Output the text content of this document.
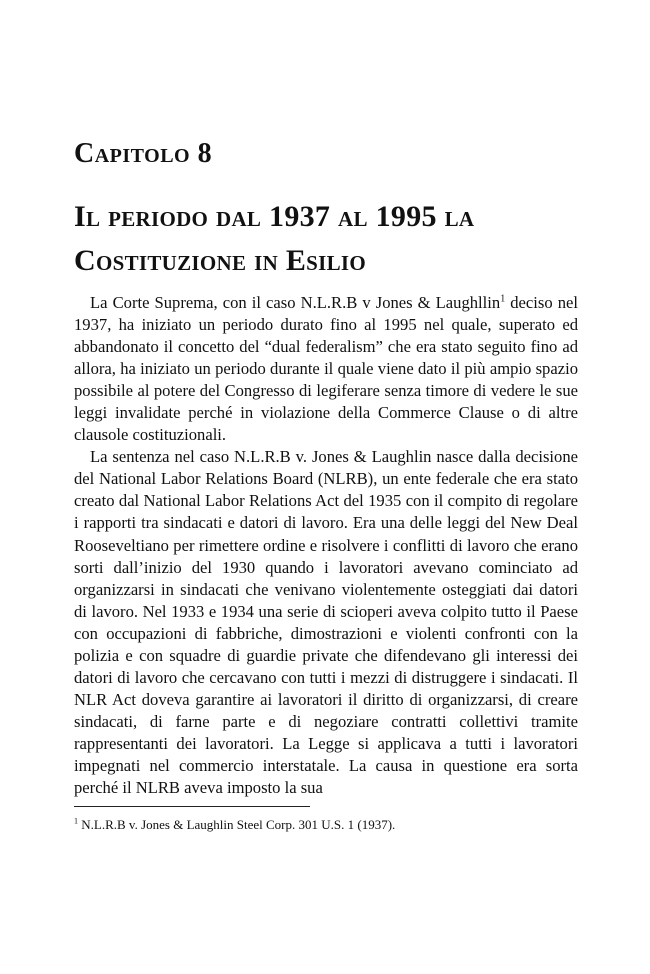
Capitolo 8
Il periodo dal 1937 al 1995 la
Costituzione in Esilio

La Corte Suprema, con il caso N.L.R.B v Jones & Laughllin$^1$ deciso nel 1937, ha iniziato un periodo durato fino al 1995 nel quale, superato ed abbandonato il concetto del “dual federalism” che era stato seguito fino ad allora, ha iniziato un periodo durante il quale viene dato il più ampio spazio possibile al potere del Congresso di legiferare senza timore di vedere le sue leggi invalidate perché in violazione della Commerce Clause o di altre clausole costituzionali.

La sentenza nel caso N.L.R.B v. Jones & Laughlin nasce dalla decisione del National Labor Relations Board (NLRB), un ente federale che era stato creato dal National Labor Relations Act del 1935 con il compito di regolare i rapporti tra sindacati e datori di lavoro. Era una delle leggi del New Deal Rooseveltiano per rimettere ordine e risolvere i conflitti di lavoro che erano sorti dall’inizio del 1930 quando i lavoratori avevano cominciato ad organizzarsi in sindacati che venivano violentemente osteggiati dai datori di lavoro. Nel 1933 e 1934 una serie di scioperi aveva colpito tutto il Paese con occupazioni di fabbriche, dimostrazioni e violenti confronti con la polizia e con squadre di guardie private che difendevano gli interessi dei datori di lavoro che cercavano con tutti i mezzi di distruggere i sindacati. Il NLR Act doveva garantire ai lavoratori il diritto di organizzarsi, di creare sindacati, di farne parte e di negoziare contratti collettivi tramite rappresentanti dei lavoratori. La Legge si applicava a tutti i lavoratori impegnati nel commercio interstatale. La causa in questione era sorta perché il NLRB aveva imposto la sua

$^1$ N.L.R.B v. Jones & Laughlin Steel Corp. 301 U.S. 1 (1937).
